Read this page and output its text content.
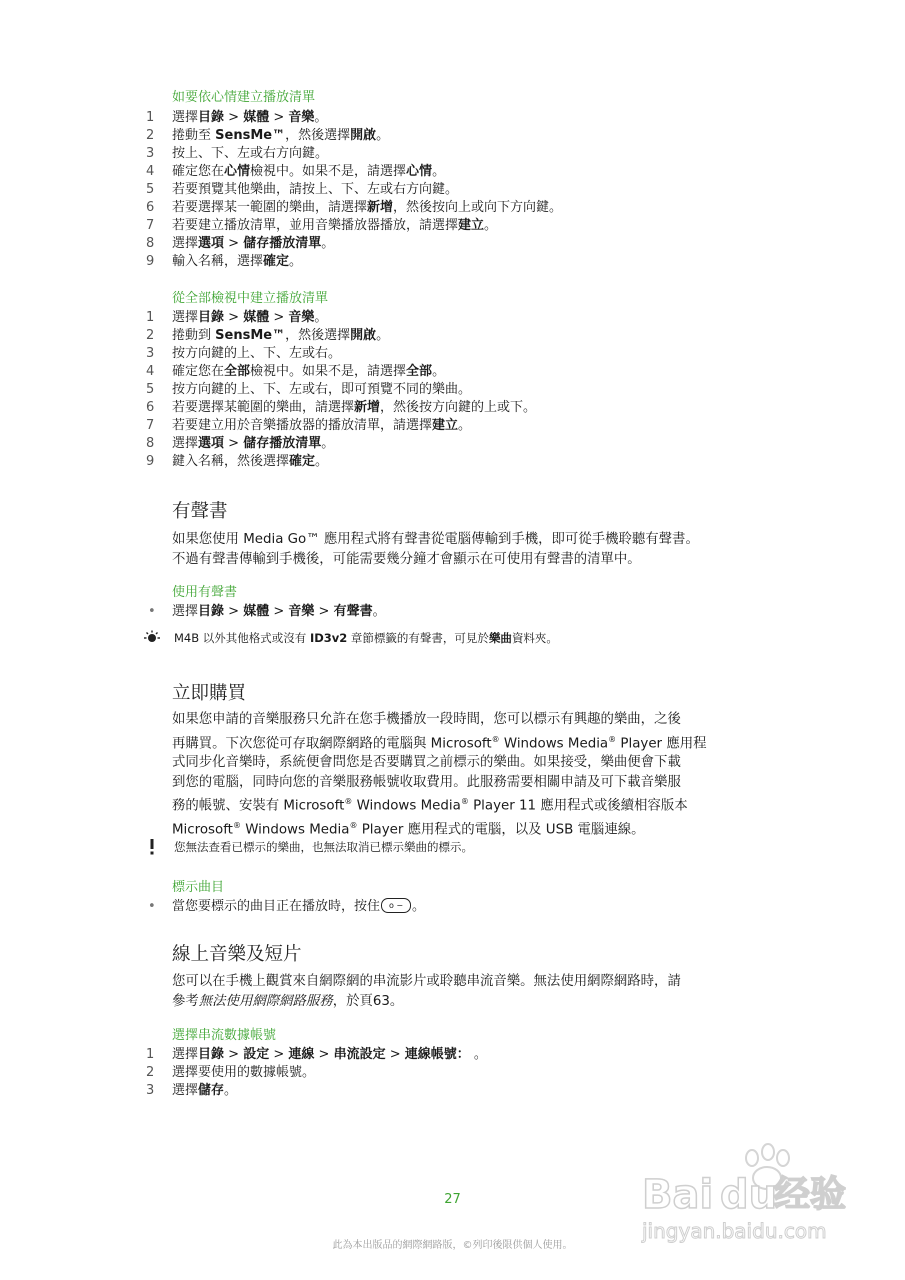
如要依心情建立播放清單
1	選擇目錄 > 媒體 > 音樂。
2	捲動至 SensMe™，然後選擇開啟。
3	按上、下、左或右方向鍵。
4	確定您在心情檢視中。如果不是，請選擇心情。
5	若要預覽其他樂曲，請按上、下、左或右方向鍵。
6	若要選擇某一範圍的樂曲，請選擇新增，然後按向上或向下方向鍵。
7	若要建立播放清單，並用音樂播放器播放，請選擇建立。
8	選擇選項 > 儲存播放清單。
9	輸入名稱，選擇確定。
從全部檢視中建立播放清單
1	選擇目錄 > 媒體 > 音樂。
2	捲動到 SensMe™，然後選擇開啟。
3	按方向鍵的上、下、左或右。
4	確定您在全部檢視中。如果不是，請選擇全部。
5	按方向鍵的上、下、左或右，即可預覽不同的樂曲。
6	若要選擇某範圍的樂曲，請選擇新增，然後按方向鍵的上或下。
7	若要建立用於音樂播放器的播放清單，請選擇建立。
8	選擇選項 > 儲存播放清單。
9	鍵入名稱，然後選擇確定。
有聲書

如果您使用 Media Go™ 應用程式將有聲書從電腦傳輸到手機，即可從手機聆聽有聲書。
不過有聲書傳輸到手機後，可能需要幾分鐘才會顯示在可使用有聲書的清單中。

使用有聲書
• 選擇目錄 > 媒體 > 音樂 > 有聲書。
M4B 以外其他格式或沒有 ID3v2 章節標籤的有聲書，可見於樂曲資料夾。
立即購買

如果您申請的音樂服務只允許在您手機播放一段時間，您可以標示有興趣的樂曲，之後
再購買。下次您從可存取網際網路的電腦與 Microsoft® Windows Media® Player 應用程
式同步化音樂時，系統便會問您是否要購買之前標示的樂曲。如果接受，樂曲便會下載
到您的電腦，同時向您的音樂服務帳號收取費用。此服務需要相關申請及可下載音樂服
務的帳號、安裝有 Microsoft® Windows Media® Player 11 應用程式或後續相容版本
Microsoft® Windows Media® Player 應用程式的電腦，以及 USB 電腦連線。

您無法查看已標示的樂曲，也無法取消已標示樂曲的標示。
標示曲目
• 當您要標示的曲目正在播放時，按住	o − 。
線上音樂及短片

您可以在手機上觀賞來自網際網的串流影片或聆聽串流音樂。無法使用網際網路時，請
參考無法使用網際網路服務，於頁63。

選擇串流數據帳號
1	選擇目錄 > 設定 > 連線 > 串流設定 > 連線帳號： 。
2	選擇要使用的數據帳號。
3	選擇儲存。
27
此為本出版品的網際網路版，©列印後限供個人使用。
Bai du
经验
jingyan.baidu.com
